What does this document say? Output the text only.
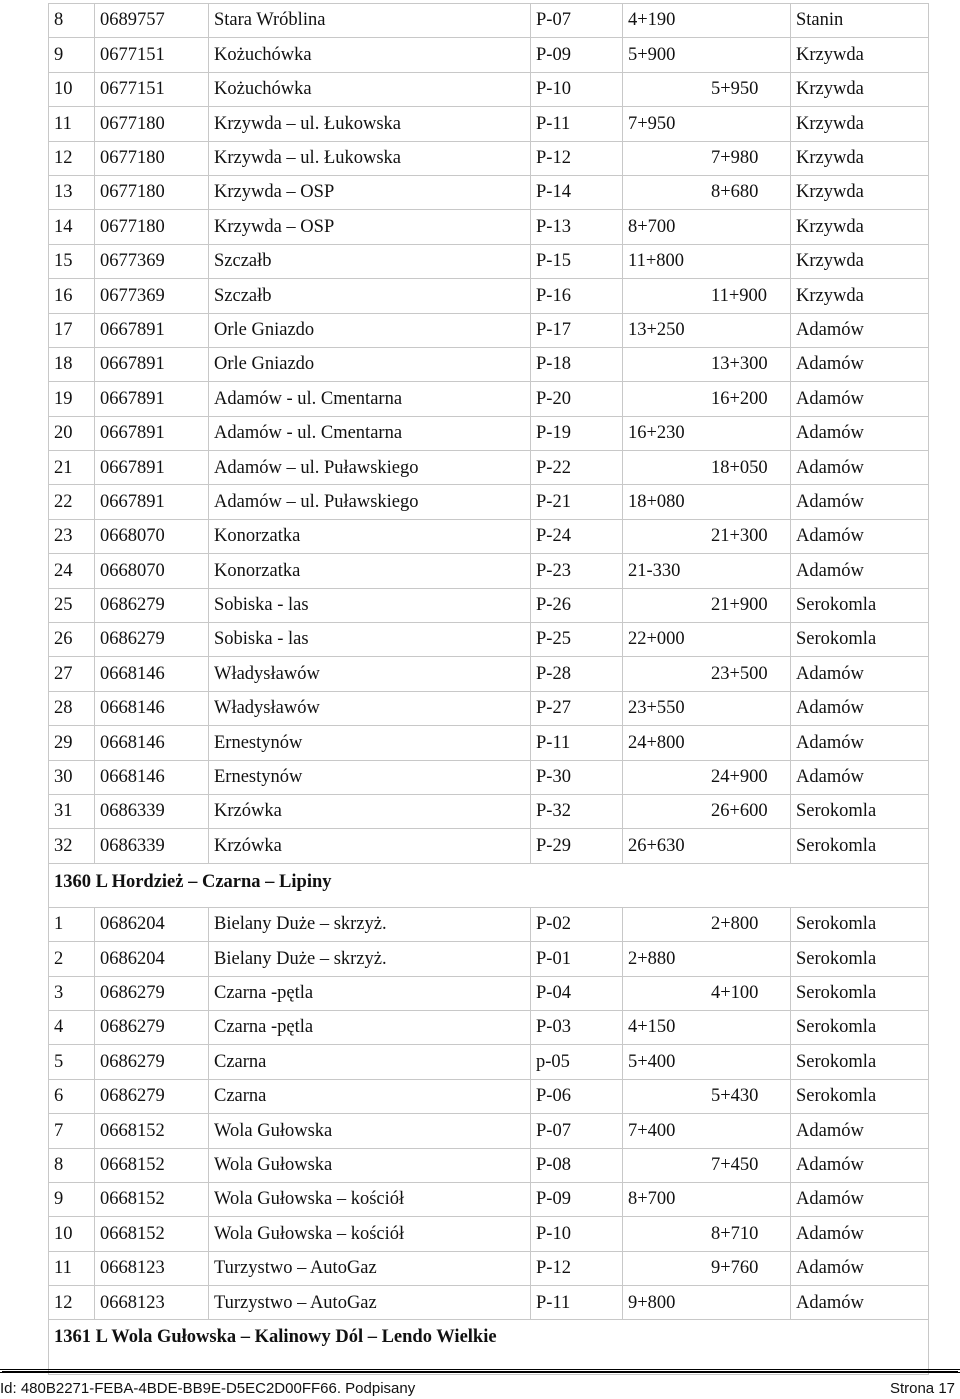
8	0689757	Stara Wróblina	P-07	4+190	Stanin
9	0677151	Kożuchówka	P-09	5+900	Krzywda
10	0677151	Kożuchówka	P-10	5+950	Krzywda
11	0677180	Krzywda – ul. Łukowska	P-11	7+950	Krzywda
12	0677180	Krzywda – ul. Łukowska	P-12	7+980	Krzywda
13	0677180	Krzywda – OSP	P-14	8+680	Krzywda
14	0677180	Krzywda – OSP	P-13	8+700	Krzywda
15	0677369	Szczałb	P-15	11+800	Krzywda
16	0677369	Szczałb	P-16	11+900	Krzywda
17	0667891	Orle Gniazdo	P-17	13+250	Adamów
18	0667891	Orle Gniazdo	P-18	13+300	Adamów
19	0667891	Adamów - ul. Cmentarna	P-20	16+200	Adamów
20	0667891	Adamów - ul. Cmentarna	P-19	16+230	Adamów
21	0667891	Adamów – ul. Puławskiego	P-22	18+050	Adamów
22	0667891	Adamów – ul. Puławskiego	P-21	18+080	Adamów
23	0668070	Konorzatka	P-24	21+300	Adamów
24	0668070	Konorzatka	P-23	21-330	Adamów
25	0686279	Sobiska - las	P-26	21+900	Serokomla
26	0686279	Sobiska - las	P-25	22+000	Serokomla
27	0668146	Władysławów	P-28	23+500	Adamów
28	0668146	Władysławów	P-27	23+550	Adamów
29	0668146	Ernestynów	P-11	24+800	Adamów
30	0668146	Ernestynów	P-30	24+900	Adamów
31	0686339	Krzówka	P-32	26+600	Serokomla
32	0686339	Krzówka	P-29	26+630	Serokomla
1360 L Hordzież – Czarna – Lipiny					

1	0686204	Bielany Duże – skrzyż.	P-02	2+800	Serokomla
2	0686204	Bielany Duże – skrzyż.	P-01	2+880	Serokomla
3	0686279	Czarna -pętla	P-04	4+100	Serokomla
4	0686279	Czarna -pętla	P-03	4+150	Serokomla
5	0686279	Czarna	p-05	5+400	Serokomla
6	0686279	Czarna	P-06	5+430	Serokomla
7	0668152	Wola Gułowska	P-07	7+400	Adamów
8	0668152	Wola Gułowska	P-08	7+450	Adamów
9	0668152	Wola Gułowska – kościół	P-09	8+700	Adamów
10	0668152	Wola Gułowska – kościół	P-10	8+710	Adamów
11	0668123	Turzystwo – AutoGaz	P-12	9+760	Adamów
12	0668123	Turzystwo – AutoGaz	P-11	9+800	Adamów
1361 L Wola Gułowska – Kalinowy Dól – Lendo Wielkie					

Id: 480B2271-FEBA-4BDE-BB9E-D5EC2D00FF66. Podpisany	Strona 17
